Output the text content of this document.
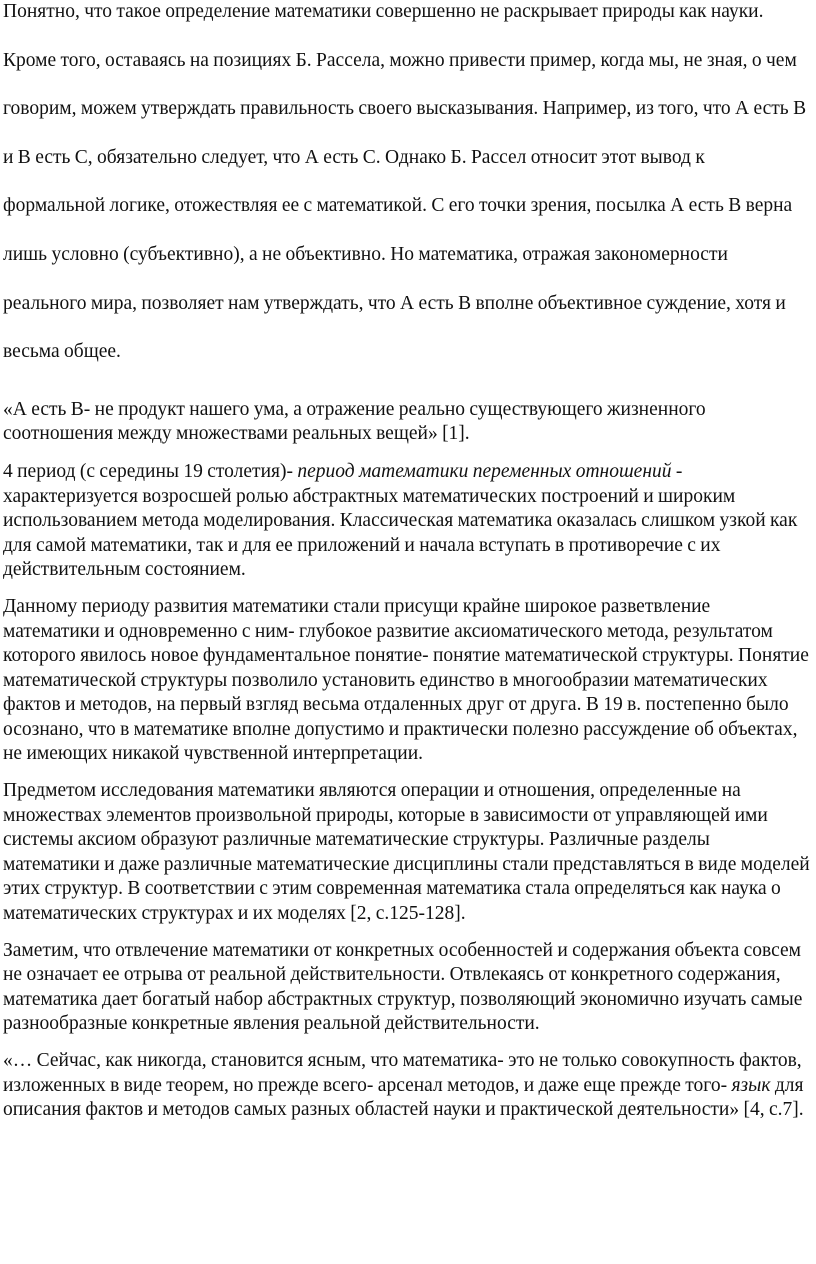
Понятно, что такое определение математики совершенно не раскрывает природы как науки. Кроме того, оставаясь на позициях Б. Рассела, можно привести пример, когда мы, не зная, о чем говорим, можем утверждать правильность своего высказывания. Например, из того, что А есть В и В есть С, обязательно следует, что А есть С. Однако Б. Рассел относит этот вывод к формальной логике, отожествляя ее с математикой. С его точки зрения, посылка А есть В верна лишь условно (субъективно), а не объективно. Но математика, отражая закономерности реального мира, позволяет нам утверждать, что А есть В вполне объективное суждение, хотя и весьма общее.

«А есть В- не продукт нашего ума, а отражение реально существующего жизненного соотношения между множествами реальных вещей» [1].

4 период (с середины 19 столетия)- период математики переменных отношений - характеризуется возросшей ролью абстрактных математических построений и широким использованием метода моделирования. Классическая математика оказалась слишком узкой как для самой математики, так и для ее приложений и начала вступать в противоречие с их действительным состоянием.

Данному периоду развития математики стали присущи крайне широкое разветвление математики и одновременно с ним- глубокое развитие аксиоматического метода, результатом которого явилось новое фундаментальное понятие- понятие математической структуры. Понятие математической структуры позволило установить единство в многообразии математических фактов и методов, на первый взгляд весьма отдаленных друг от друга. В 19 в. постепенно было осознано, что в математике вполне допустимо и практически полезно рассуждение об объектах, не имеющих никакой чувственной интерпретации.

Предметом исследования математики являются операции и отношения, определенные на множествах элементов произвольной природы, которые в зависимости от управляющей ими системы аксиом образуют различные математические структуры. Различные разделы математики и даже различные математические дисциплины стали представляться в виде моделей этих структур. В соответствии с этим современная математика стала определяться как наука о математических структурах и их моделях [2, с.125-128].

Заметим, что отвлечение математики от конкретных особенностей и содержания объекта совсем не означает ее отрыва от реальной действительности. Отвлекаясь от конкретного содержания, математика дает богатый набор абстрактных структур, позволяющий экономично изучать самые разнообразные конкретные явления реальной действительности.

«… Сейчас, как никогда, становится ясным, что математика- это не только совокупность фактов, изложенных в виде теорем, но прежде всего- арсенал методов, и даже еще прежде того- язык для описания фактов и методов самых разных областей науки и практической деятельности» [4, с.7].
